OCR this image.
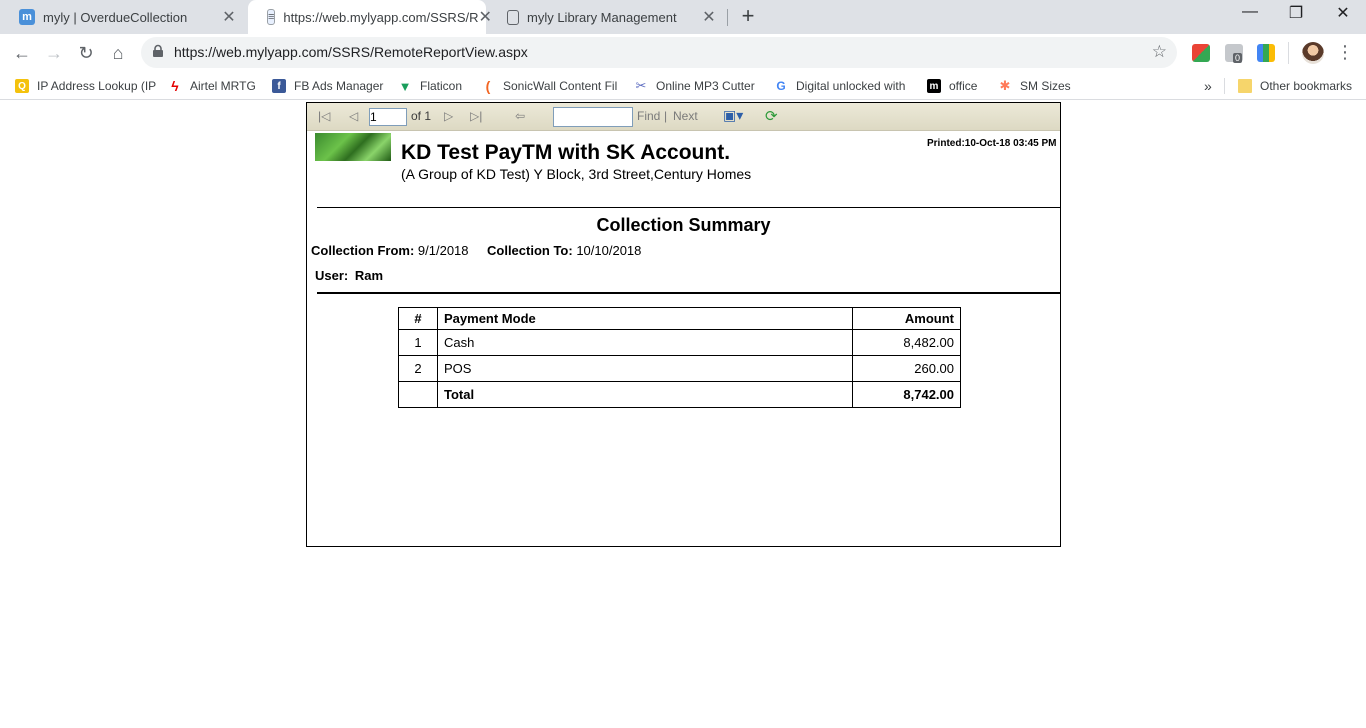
m myly | OverdueCollection	✕	≡ https://web.mylyapp.com/SSRS/R ✕	myly Library Management	✕ +	—	❐	✕
← → ↻	⌂	https://web.mylyapp.com/SSRS/RemoteReportView.aspx	☆	0	⋮
Q IP Address Lookup (IP ϟ Airtel MRTG	f	FB Ads Manager ▼ Flaticon	(	SonicWall Content Fil ✂ Online MP3 Cutter G Digital unlocked with m office ✱ SM Sizes	»	Other bookmarks
|◁ ◁
1	of 1 ▷ ▷|	⇦	Find | Next ▣▾ ⟳
KD Test PayTM with SK Account.
(A Group of KD Test) Y Block, 3rd Street,Century Homes
Printed:10-Oct-18 03:45 PM
Collection Summary
Collection From: 9/1/2018 Collection To: 10/10/2018
User: Ram
#	Payment Mode	Amount
1	Cash	8,482.00
2	POS	260.00
	Total	8,742.00
